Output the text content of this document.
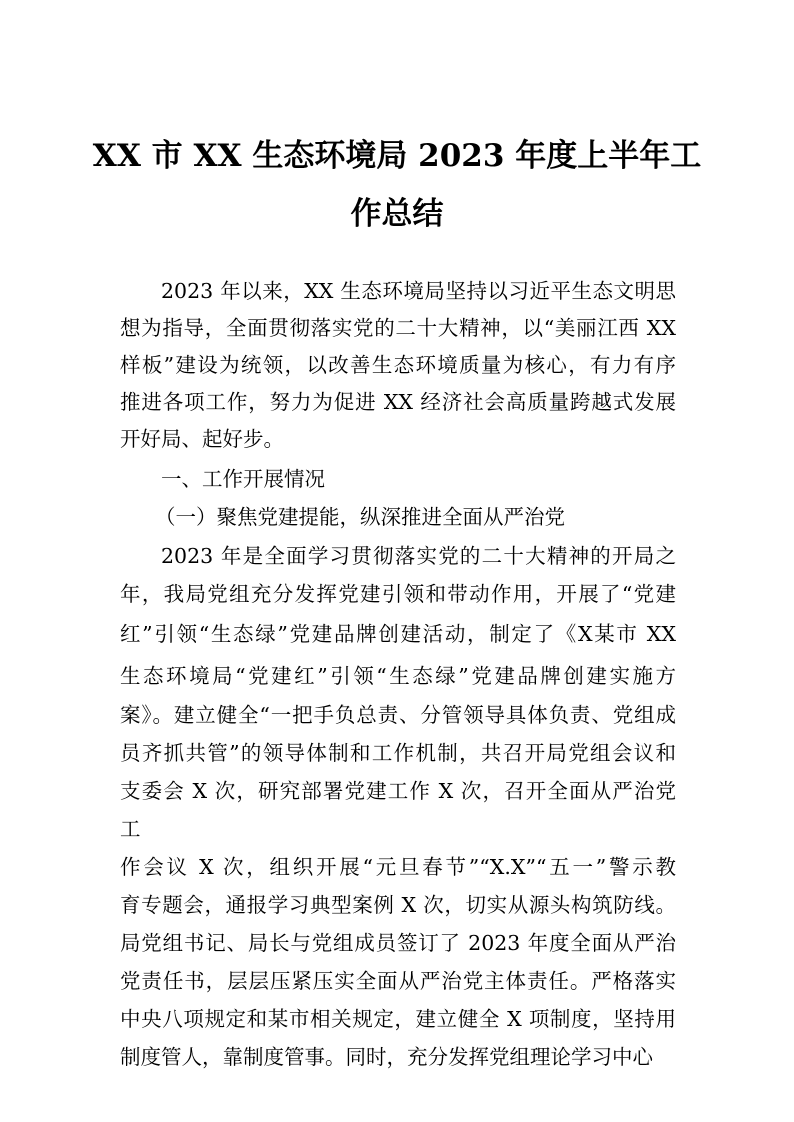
XX 市 XX 生态环境局 2023 年度上半年工
作总结
2023 年以来，XX 生态环境局坚持以习近平生态文明思
想为指导，全面贯彻落实党的二十大精神，以“美丽江西 XX
样板”建设为统领，以改善生态环境质量为核心，有力有序
推进各项工作，努力为促进 XX 经济社会高质量跨越式发展
开好局、起好步。
一、工作开展情况
（一）聚焦党建提能，纵深推进全面从严治党
2023 年是全面学习贯彻落实党的二十大精神的开局之
年，我局党组充分发挥党建引领和带动作用，开展了“党建
红”引领“生态绿”党建品牌创建活动，制定了《X某市 XX
生态环境局“党建红”引领“生态绿”党建品牌创建实施方
案》。建立健全“一把手负总责、分管领导具体负责、党组成
员齐抓共管”的领导体制和工作机制，共召开局党组会议和
支委会 X 次，研究部署党建工作 X 次，召开全面从严治党
工
作会议 X 次，组织开展“元旦春节”“X.X”“五一”警示教
育专题会，通报学习典型案例 X 次，切实从源头构筑防线。
局党组书记、局长与党组成员签订了 2023 年度全面从严治
党责任书，层层压紧压实全面从严治党主体责任。严格落实
中央八项规定和某市相关规定，建立健全 X 项制度，坚持用
制度管人，靠制度管事。同时，充分发挥党组理论学习中心
